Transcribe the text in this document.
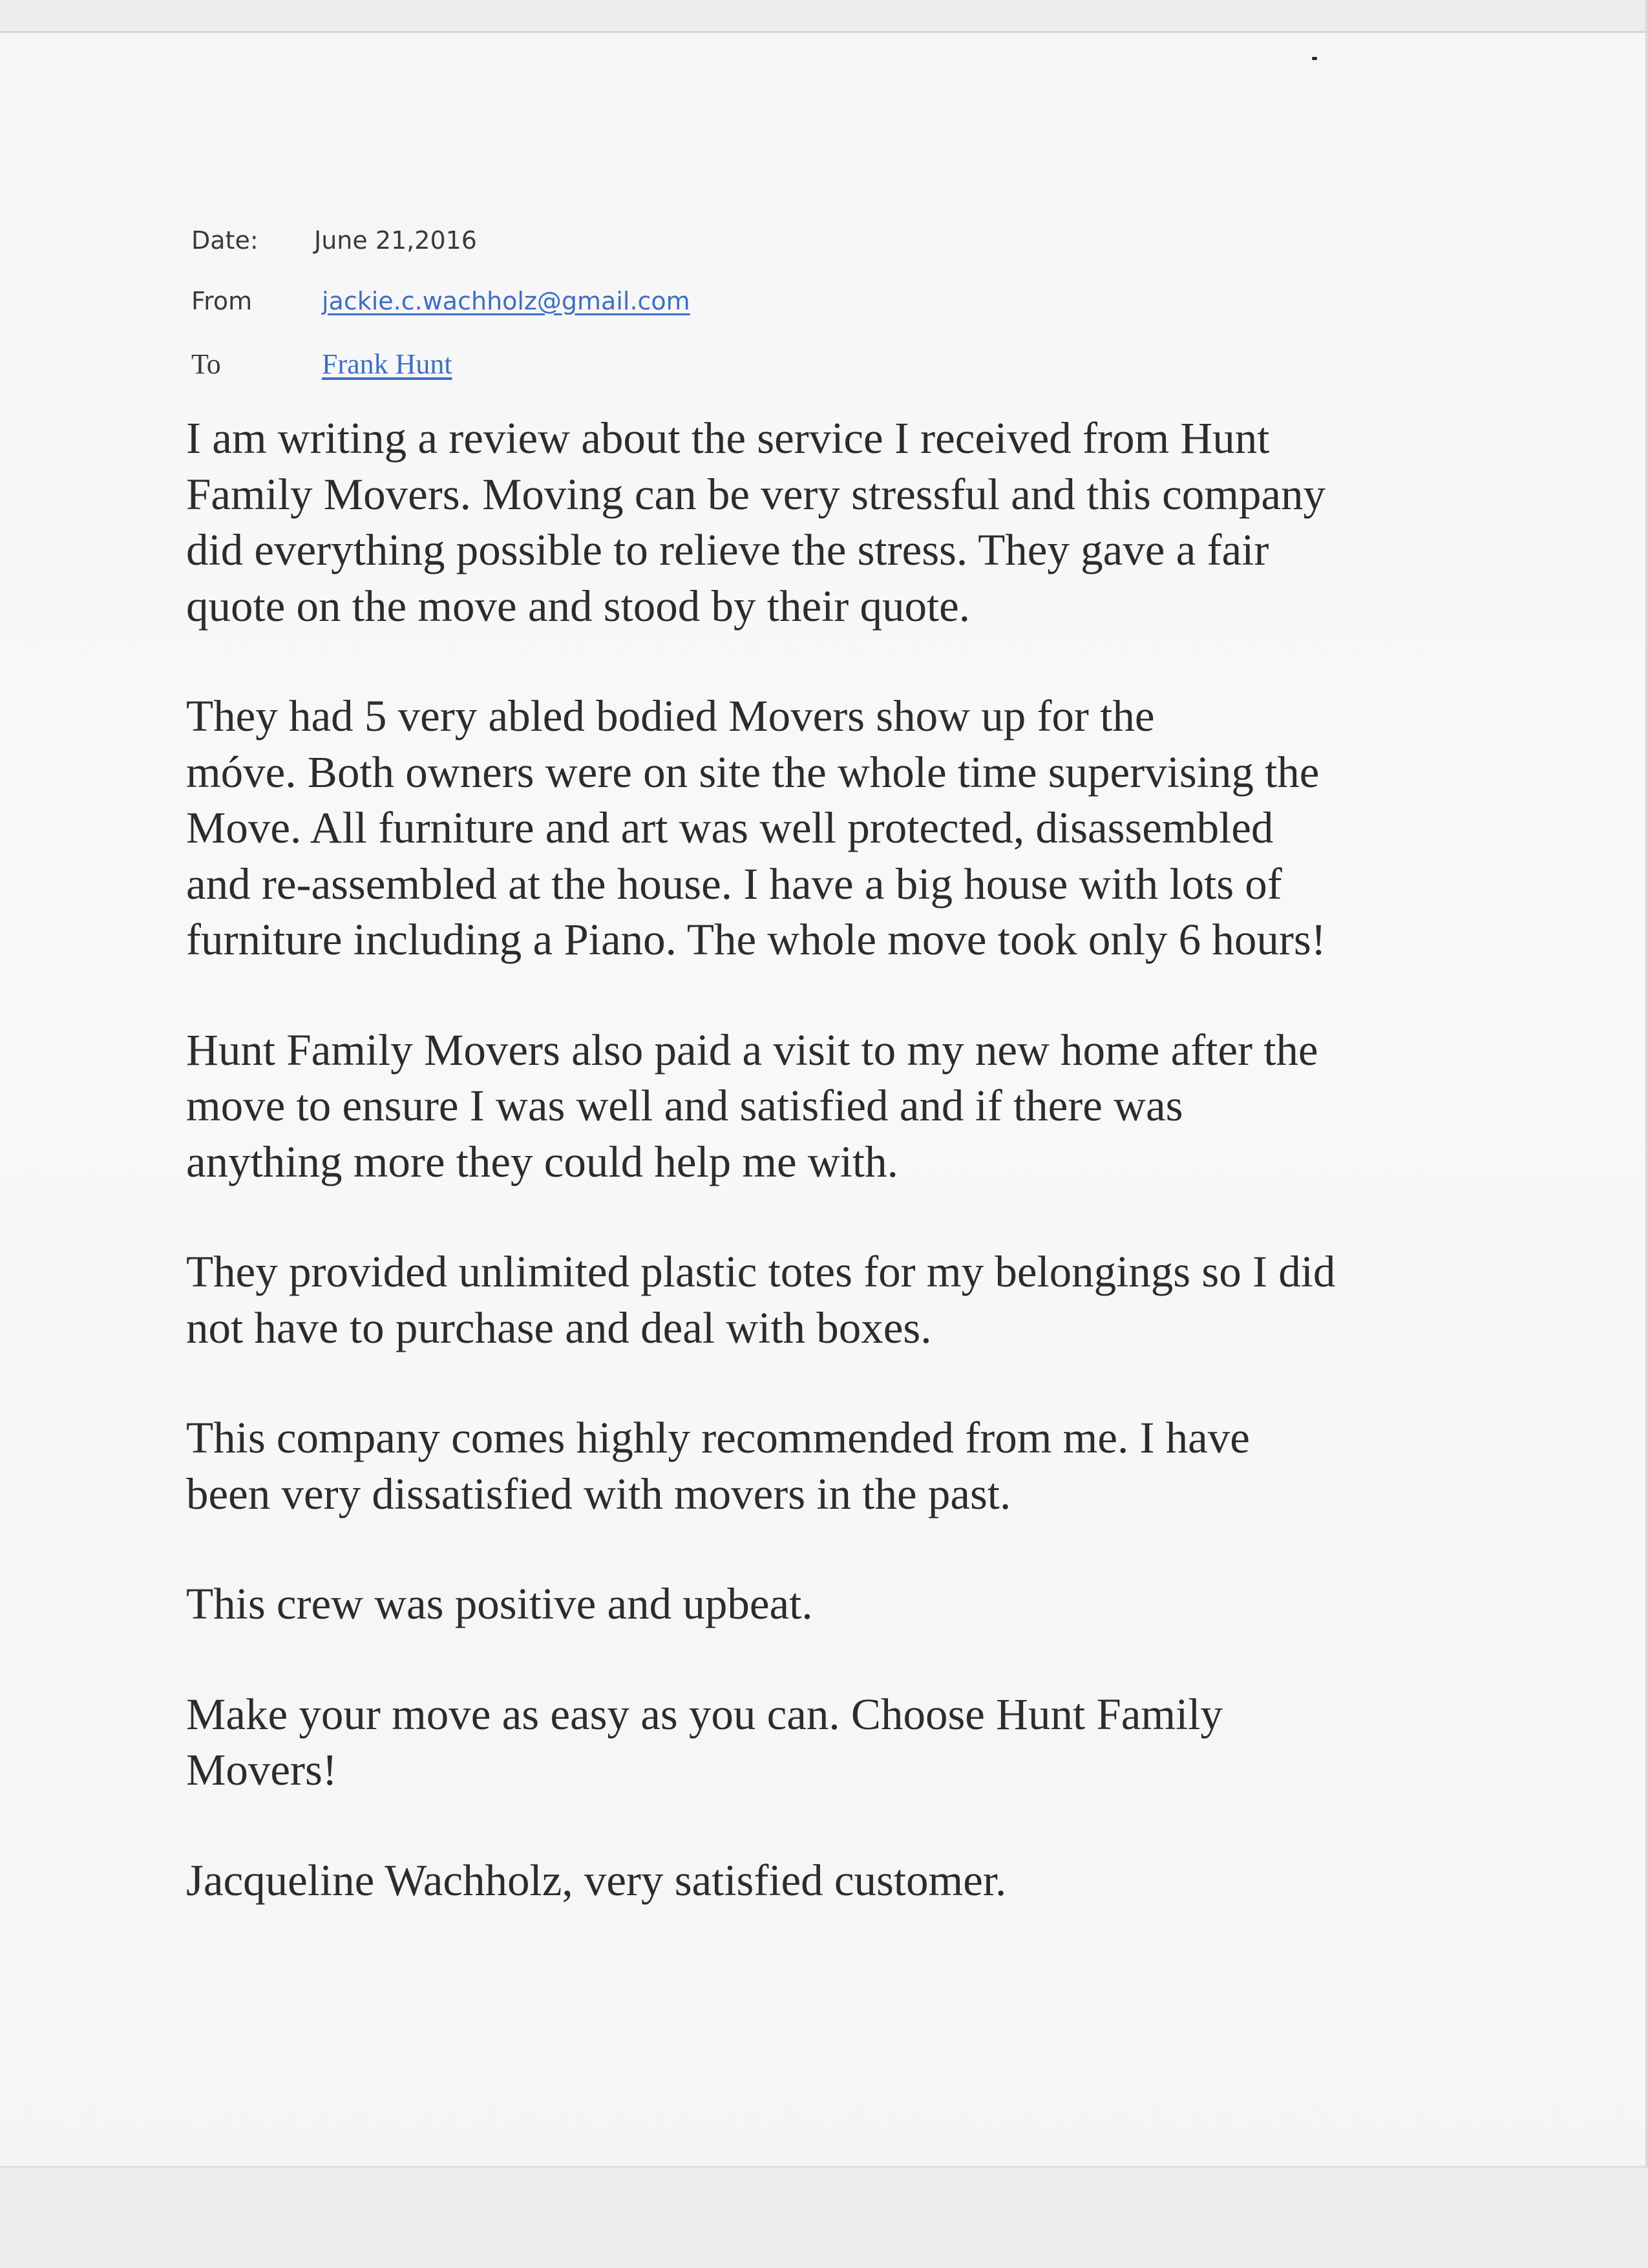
Date: June 21,2016
From	jackie.c.wachholz@gmail.com
To	Frank Hunt

I am writing a review about the service I received from Hunt
Family Movers. Moving can be very stressful and this company
did everything possible to relieve the stress. They gave a fair
quote on the move and stood by their quote.

They had 5 very abled bodied Movers show up for the
móve. Both owners were on site the whole time supervising the
Move. All furniture and art was well protected, disassembled
and re-assembled at the house. I have a big house with lots of
furniture including a Piano. The whole move took only 6 hours!

Hunt Family Movers also paid a visit to my new home after the
move to ensure I was well and satisfied and if there was
anything more they could help me with.

They provided unlimited plastic totes for my belongings so I did
not have to purchase and deal with boxes.

This company comes highly recommended from me. I have
been very dissatisfied with movers in the past.

This crew was positive and upbeat.

Make your move as easy as you can. Choose Hunt Family
Movers!

Jacqueline Wachholz, very satisfied customer.
